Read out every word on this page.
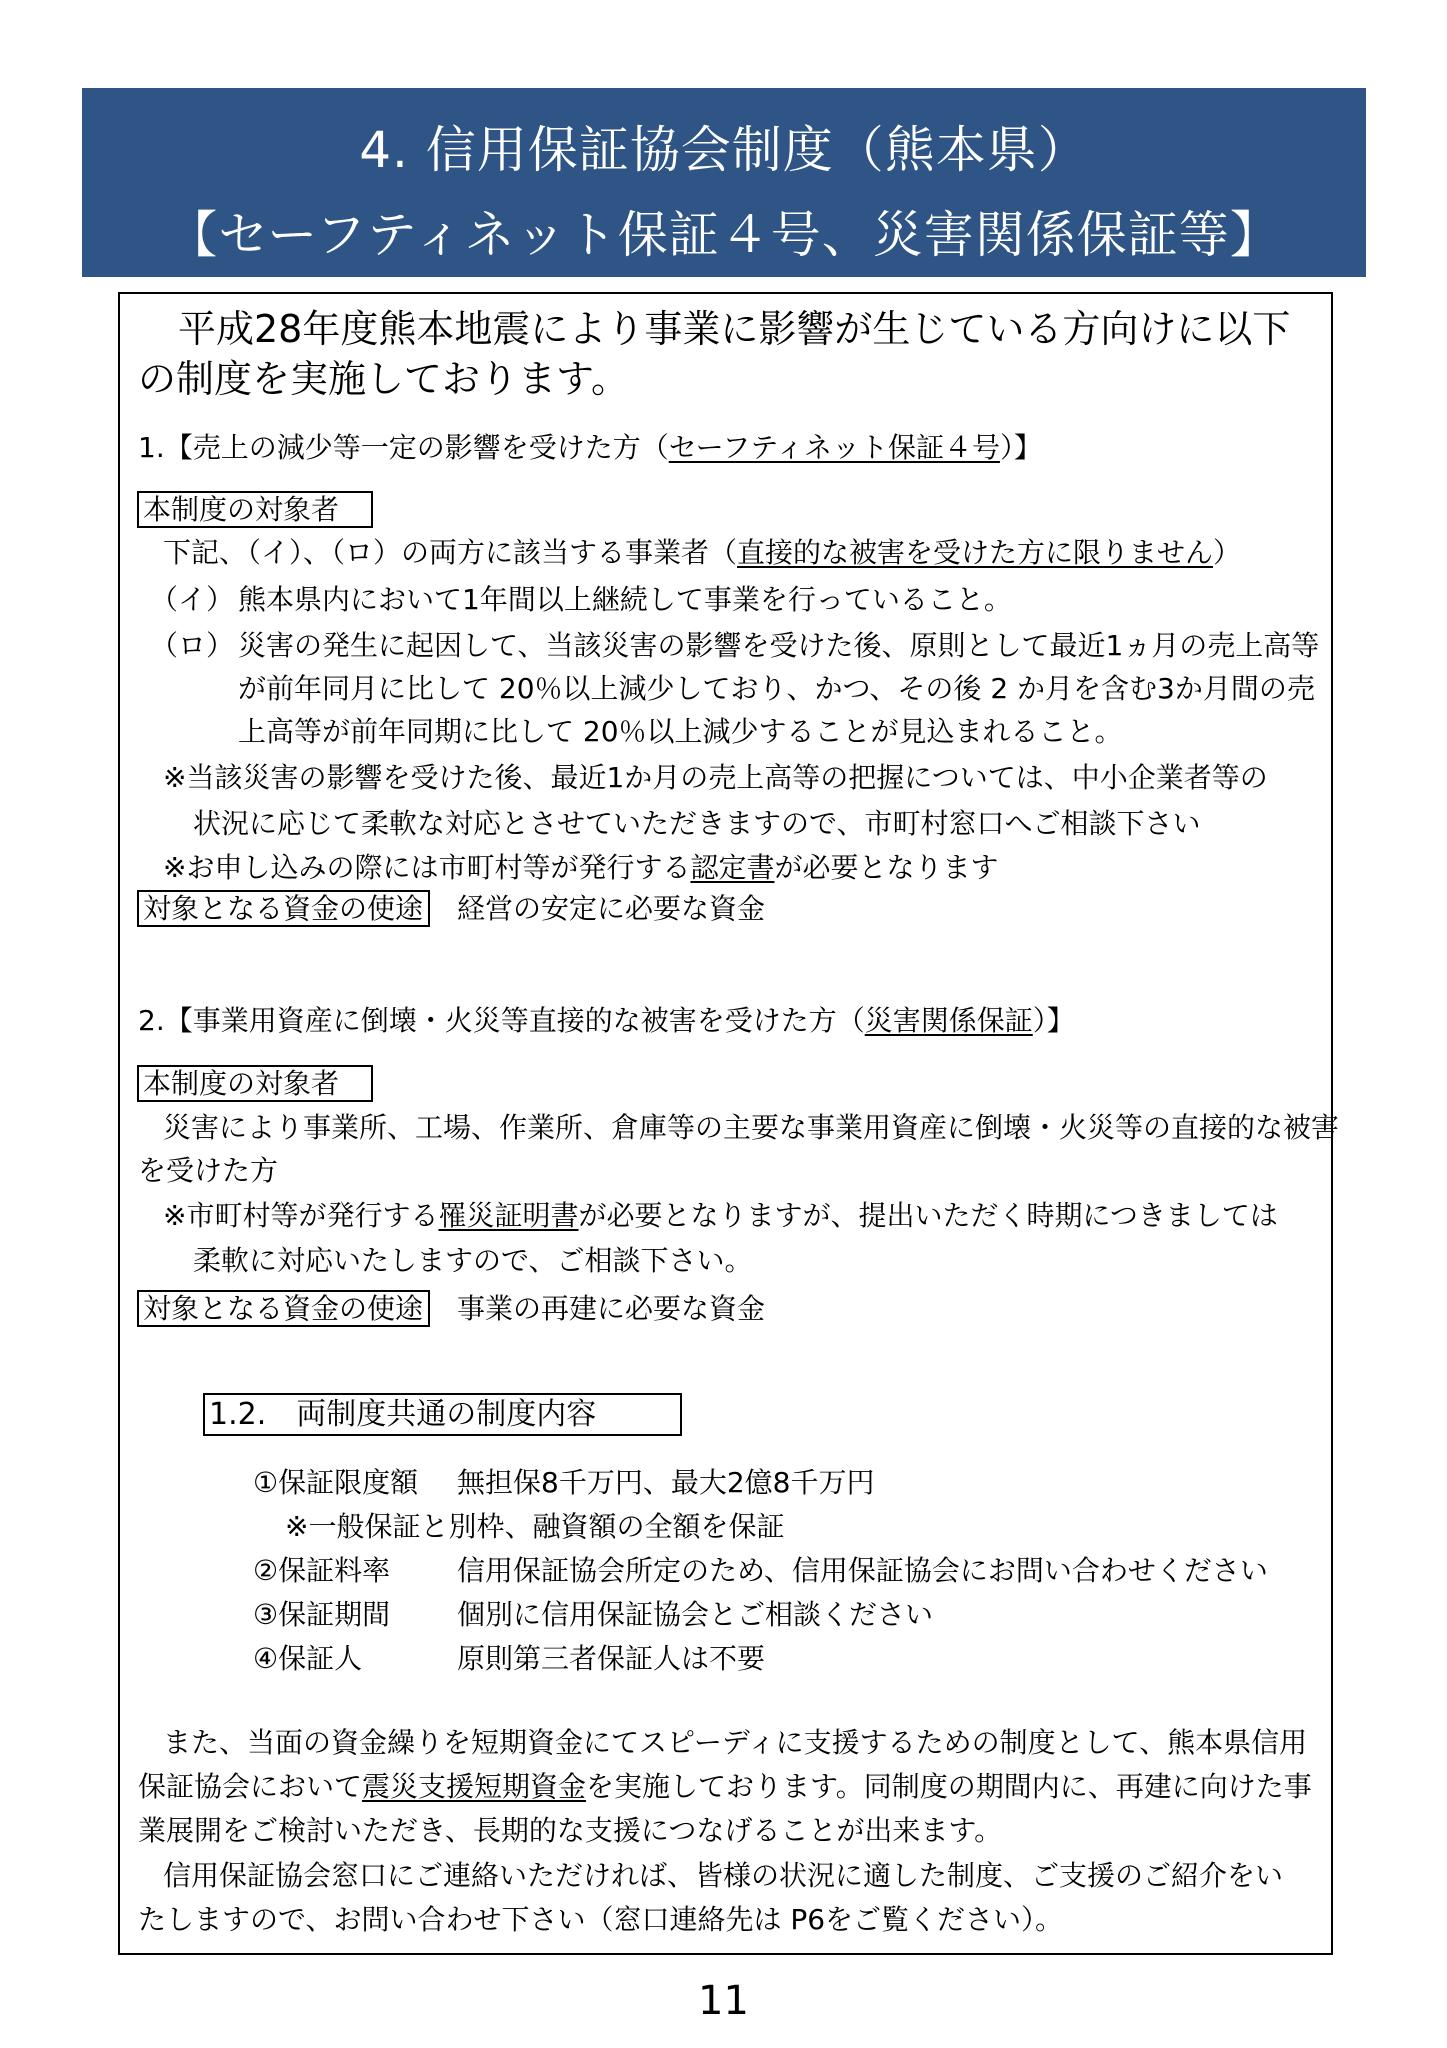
4. 信用保証協会制度（熊本県）
【セーフティネット保証４号、災害関係保証等】
平成28年度熊本地震により事業に影響が生じている方向けに以下
の制度を実施しております。
1.【売上の減少等一定の影響を受けた方（セーフティネット保証４号）】
本制度の対象者
下記、（イ）、（ロ）の両方に該当する事業者（直接的な被害を受けた方に限りません）
（イ） 熊本県内において1年間以上継続して事業を行っていること。
（ロ） 災害の発生に起因して、当該災害の影響を受けた後、原則として最近1ヵ月の売上高等
が前年同月に比して 20％以上減少しており、かつ、その後 2 か月を含む3か月間の売
上高等が前年同期に比して 20％以上減少することが見込まれること。
※当該災害の影響を受けた後、最近1か月の売上高等の把握については、中小企業者等の
状況に応じて柔軟な対応とさせていただきますので、市町村窓口へご相談下さい
※お申し込みの際には市町村等が発行する認定書が必要となります
対象となる資金の使途 経営の安定に必要な資金
2.【事業用資産に倒壊・火災等直接的な被害を受けた方（災害関係保証）】
本制度の対象者
災害により事業所、工場、作業所、倉庫等の主要な事業用資産に倒壊・火災等の直接的な被害
を受けた方
※市町村等が発行する罹災証明書が必要となりますが、提出いただく時期につきましては
柔軟に対応いたしますので、ご相談下さい。
対象となる資金の使途 事業の再建に必要な資金
1.2.　両制度共通の制度内容
①保証限度額 無担保8千万円、最大2億8千万円
※一般保証と別枠、融資額の全額を保証
②保証料率 信用保証協会所定のため、信用保証協会にお問い合わせください
③保証期間 個別に信用保証協会とご相談ください
④保証人	原則第三者保証人は不要
また、当面の資金繰りを短期資金にてスピーディに支援するための制度として、熊本県信用
保証協会において震災支援短期資金を実施しております。同制度の期間内に、再建に向けた事
業展開をご検討いただき、長期的な支援につなげることが出来ます。
信用保証協会窓口にご連絡いただければ、皆様の状況に適した制度、ご支援のご紹介をい
たしますので、お問い合わせ下さい（窓口連絡先は P6をご覧ください）。
11
